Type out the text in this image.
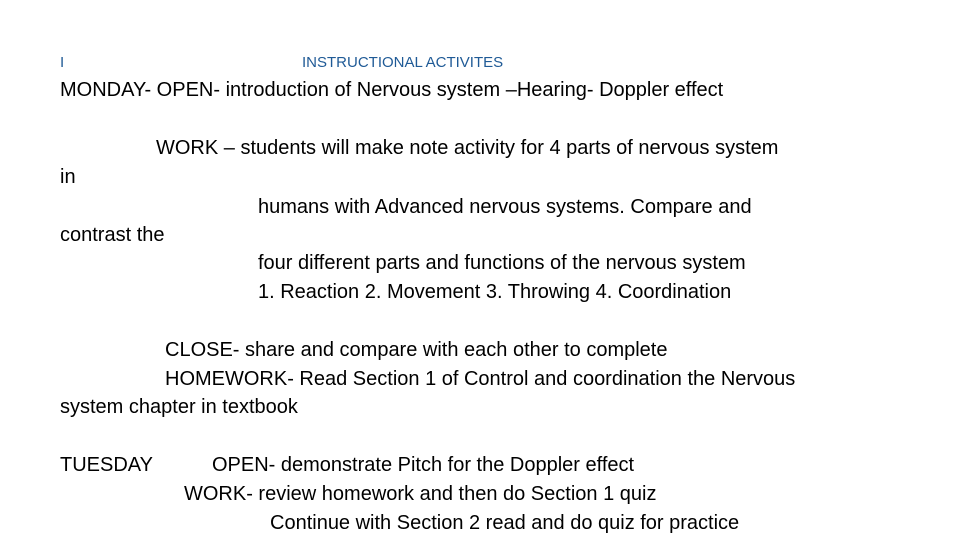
I	INSTRUCTIONAL ACTIVITES
MONDAY- OPEN- introduction of Nervous system –Hearing- Doppler effect
WORK – students will make note activity for 4 parts of nervous system
in
humans with Advanced nervous systems. Compare and
contrast the
four different parts and functions of the nervous system
1. Reaction 2. Movement 3. Throwing 4. Coordination
CLOSE- share and compare with each other to complete
HOMEWORK- Read Section 1 of Control and coordination the Nervous
system chapter in textbook
TUESDAY	OPEN- demonstrate Pitch for the Doppler effect
WORK- review homework and then do Section 1 quiz
Continue with Section 2 read and do quiz for practice
